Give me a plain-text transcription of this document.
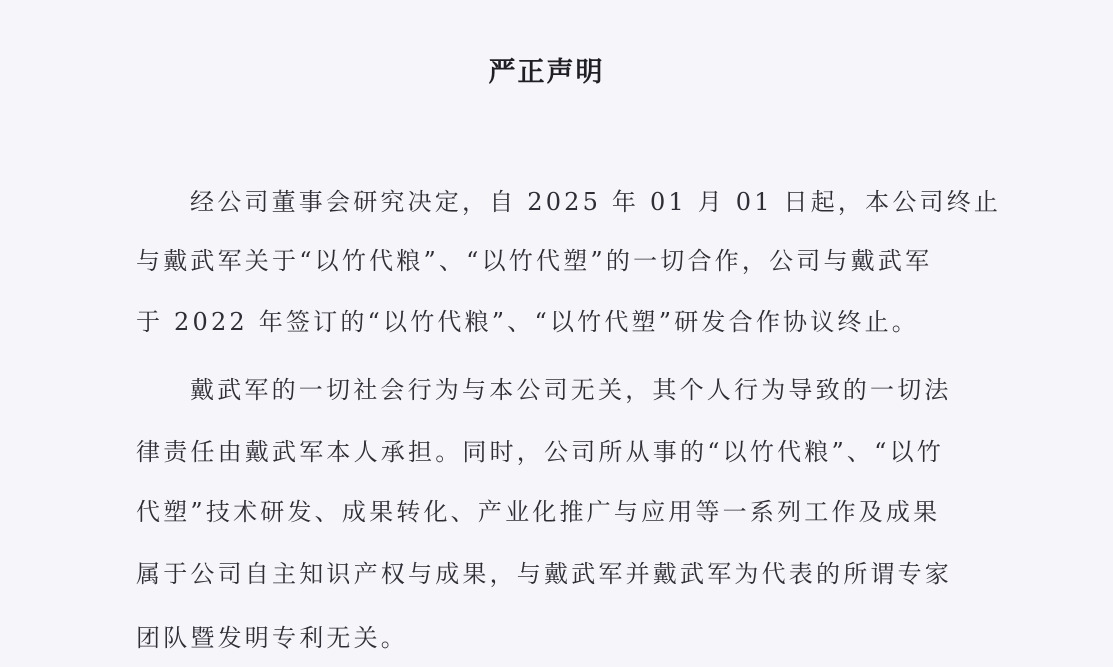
严正声明
经公司董事会研究决定，自 2025 年 01 月 01 日起，本公司终止
与戴武军关于“以竹代粮”、“以竹代塑”的一切合作，公司与戴武军
于 2022 年签订的“以竹代粮”、“以竹代塑”研发合作协议终止。
戴武军的一切社会行为与本公司无关，其个人行为导致的一切法
律责任由戴武军本人承担。同时，公司所从事的“以竹代粮”、“以竹
代塑”技术研发、成果转化、产业化推广与应用等一系列工作及成果
属于公司自主知识产权与成果，与戴武军并戴武军为代表的所谓专家
团队暨发明专利无关。
